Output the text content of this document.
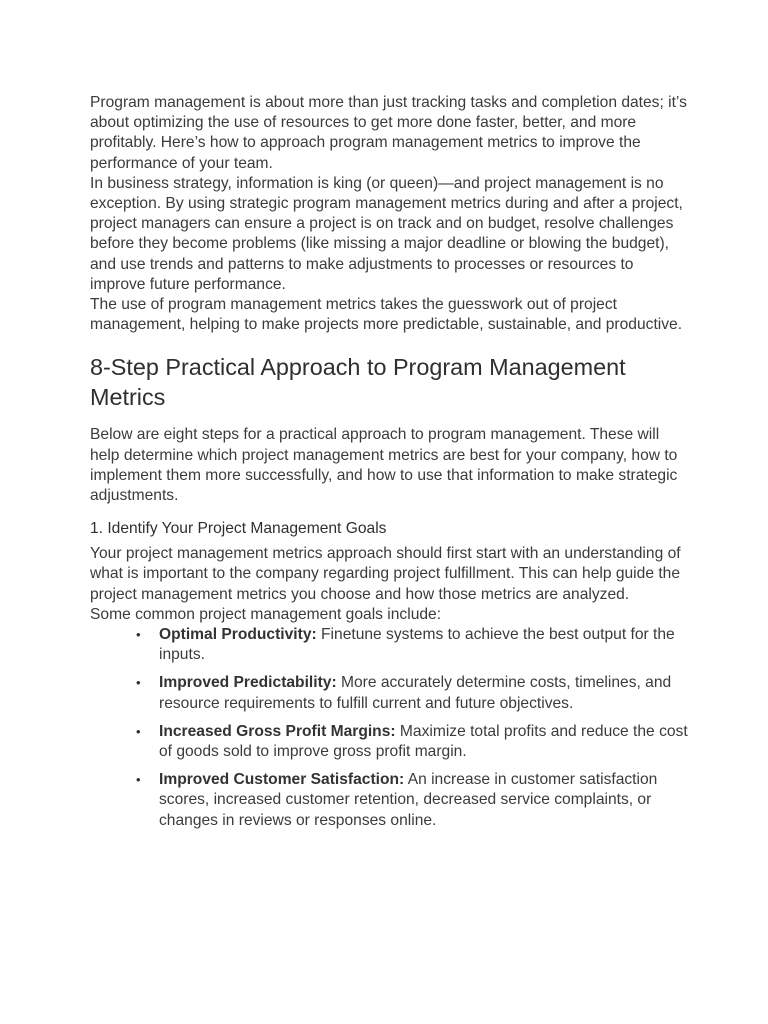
Program management is about more than just tracking tasks and completion dates; it’s about optimizing the use of resources to get more done faster, better, and more profitably. Here’s how to approach program management metrics to improve the performance of your team.

In business strategy, information is king (or queen)—and project management is no exception. By using strategic program management metrics during and after a project, project managers can ensure a project is on track and on budget, resolve challenges before they become problems (like missing a major deadline or blowing the budget), and use trends and patterns to make adjustments to processes or resources to improve future performance.

The use of program management metrics takes the guesswork out of project management, helping to make projects more predictable, sustainable, and productive.

8-Step Practical Approach to Program Management Metrics

Below are eight steps for a practical approach to program management. These will help determine which project management metrics are best for your company, how to implement them more successfully, and how to use that information to make strategic adjustments.

1. Identify Your Project Management Goals

Your project management metrics approach should first start with an understanding of what is important to the company regarding project fulfillment. This can help guide the project management metrics you choose and how those metrics are analyzed.

Some common project management goals include:

• Optimal Productivity: Finetune systems to achieve the best output for the inputs.
• Improved Predictability: More accurately determine costs, timelines, and resource requirements to fulfill current and future objectives.
• Increased Gross Profit Margins: Maximize total profits and reduce the cost of goods sold to improve gross profit margin.
• Improved Customer Satisfaction: An increase in customer satisfaction scores, increased customer retention, decreased service complaints, or changes in reviews or responses online.
